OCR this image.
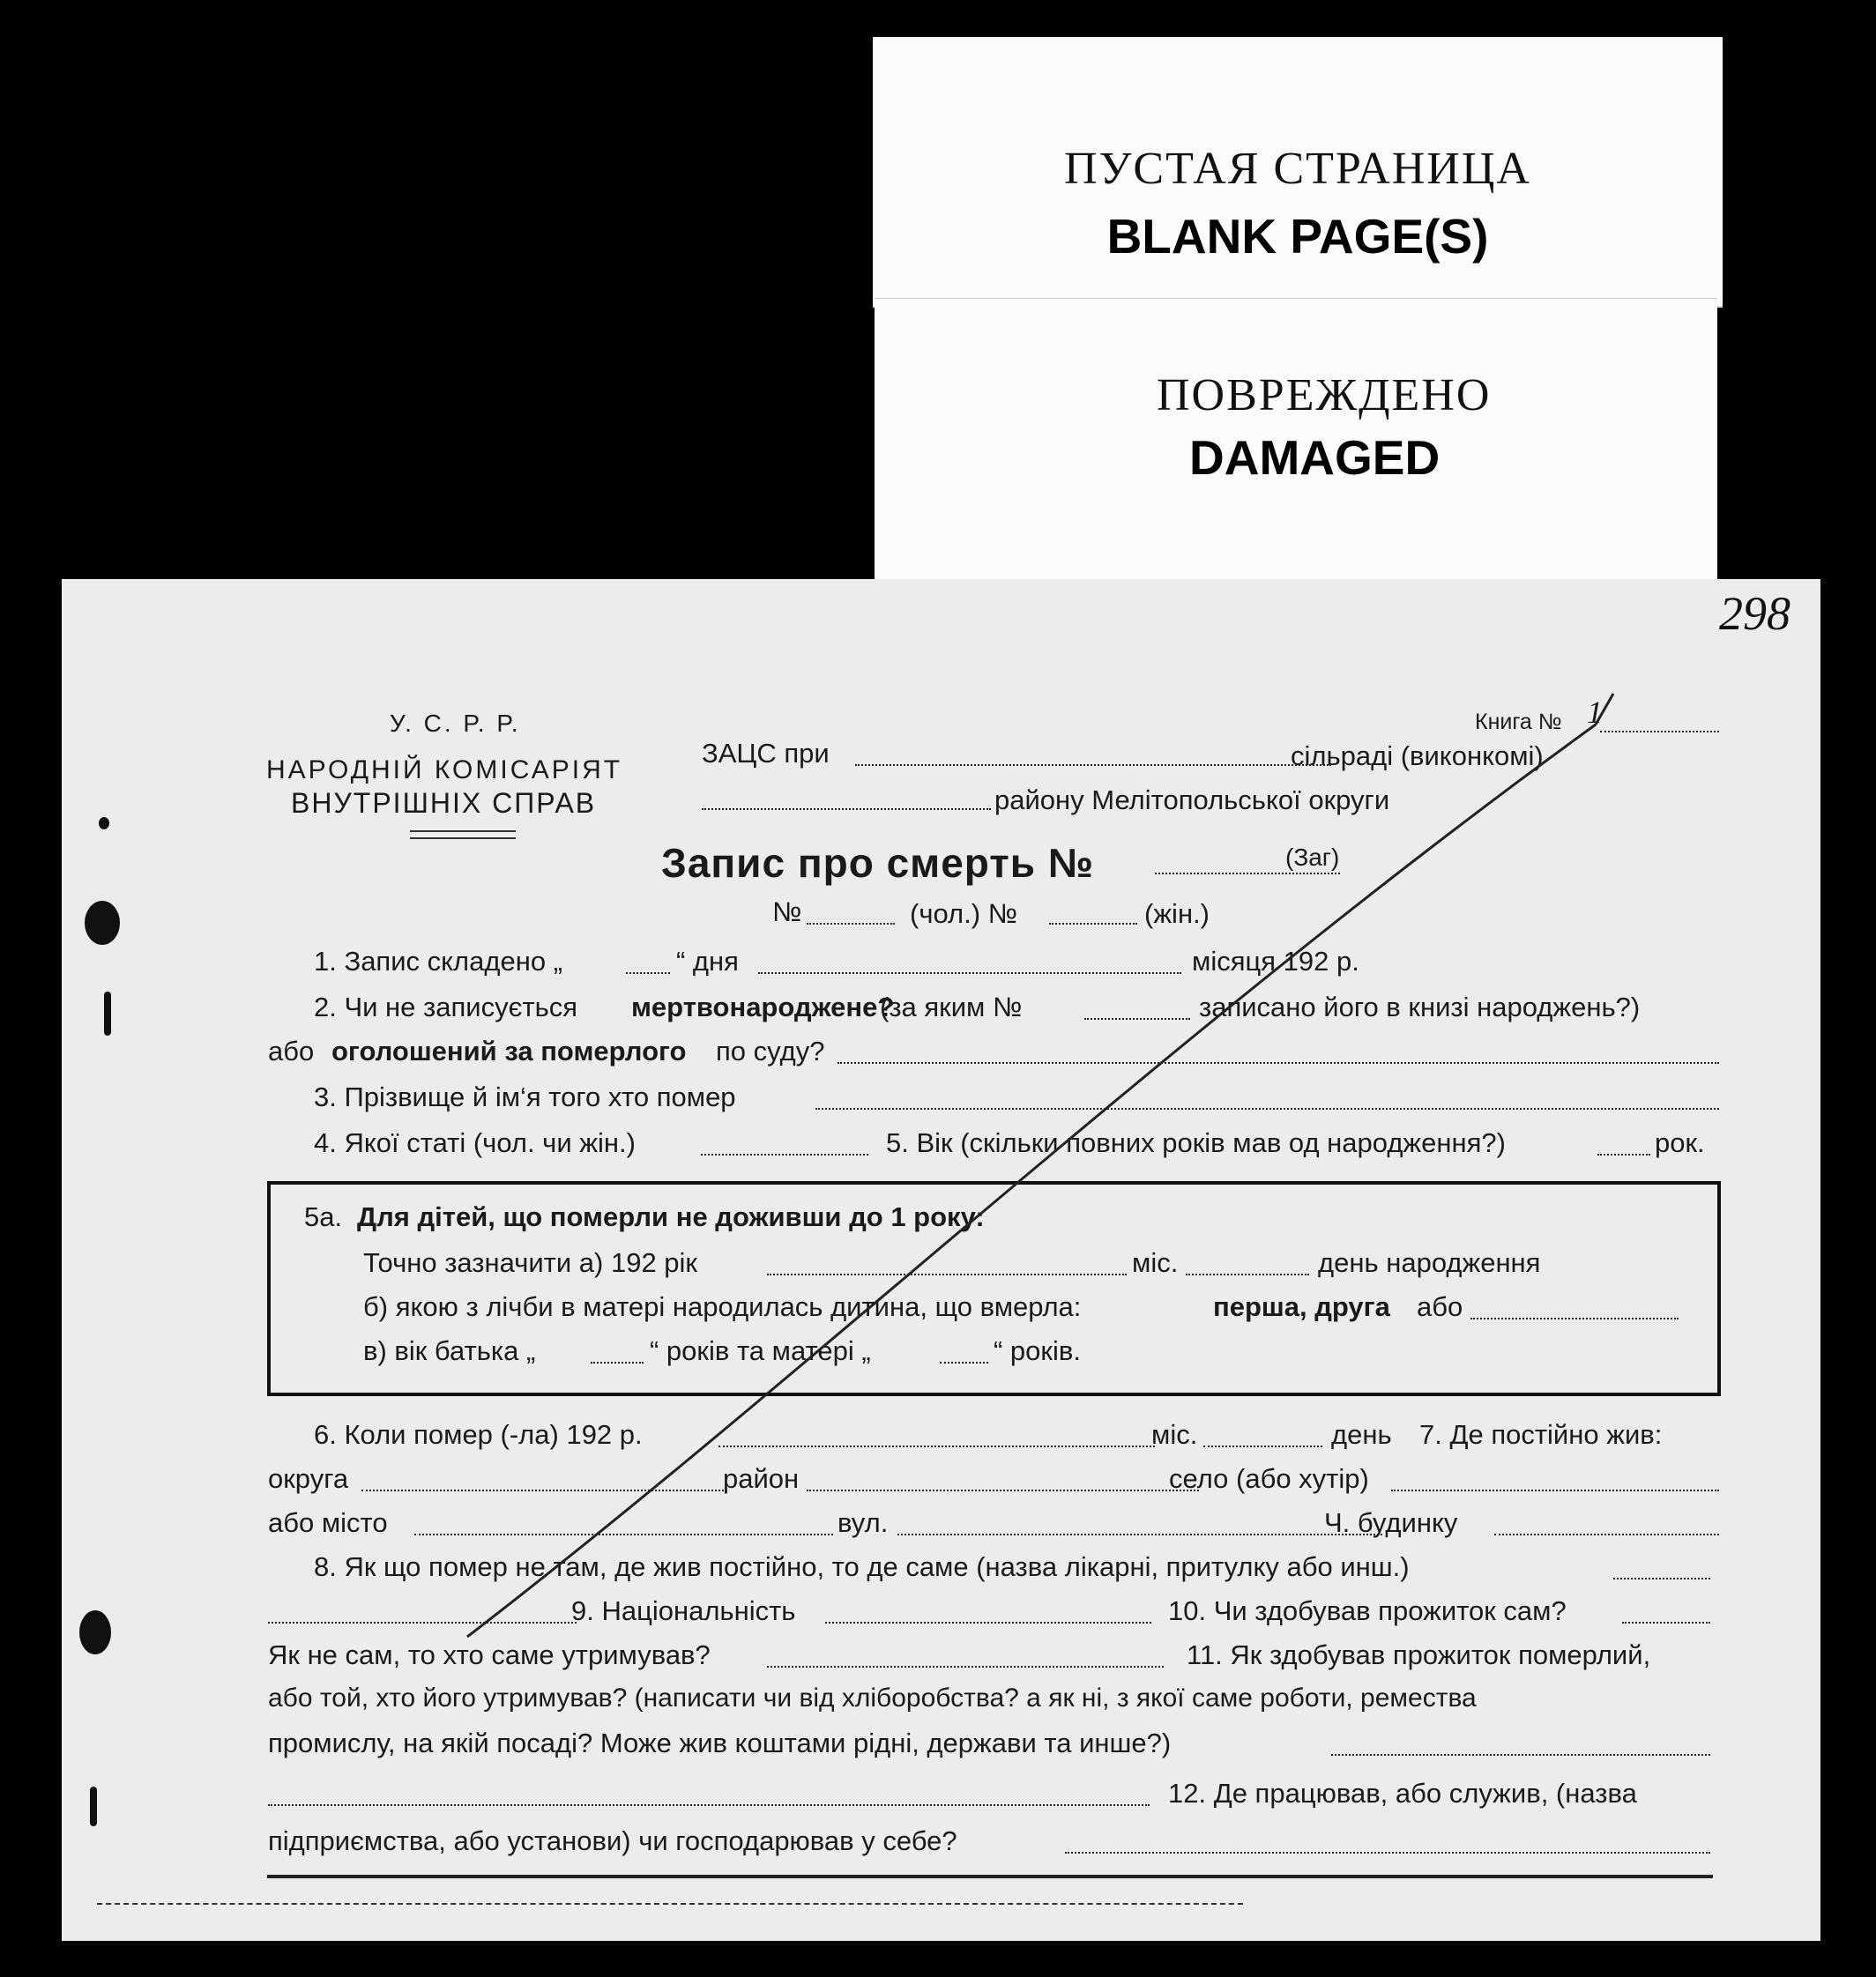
ПУСТАЯ СТРАНИЦА
BLANK PAGE(S)
ПОВРЕЖДЕНО
DAMAGED
298
У. С. Р. Р.
НАРОДНІЙ КОМІСАРІЯТ
ВНУТРІШНІХ СПРАВ
Книга № 1
ЗАЦС при	сільраді (виконкомі)
району Мелітопольської округи
Запис про смерть №	(Заг)
№	(чол.) №	(жін.)
1. Запис складено „	“ дня	місяця 192 р.
2. Чи не записується мертвонароджене?
(за яким №	записано його в книзі народжень?)
або оголошений за померлого по суду?
3. Прізвище й ім‘я того хто помер
4. Якої статі (чол. чи жін.)	5. Вік (скільки повних років мав од народження?)	рок.
5а. Для дітей, що померли не доживши до 1 року:
Точно зазначити а) 192 рік	міс.	день народження
б) якою з лічби в матері народилась дитина, що вмерла:	перша, друга або
в) вік батька „	“ років та матері „	“ років.
6. Коли помер (-ла) 192 р.	міс.	день 7. Де постійно жив:
округа	район	село (або хутір)
або місто	вул.	Ч. будинку
8. Як що помер не там, де жив постійно, то де саме (назва лікарні, притулку або инш.)
9. Національність	10. Чи здобував прожиток сам?
Як не сам, то хто саме утримував?	11. Як здобував прожиток померлий,
або той, хто його утримував? (написати чи від хліборобства? а як ні, з якої саме роботи, ремества
промислу, на якій посаді? Може жив коштами рідні, держави та инше?)
12. Де працював, або служив, (назва
підприємства, або установи) чи господарював у себе?
